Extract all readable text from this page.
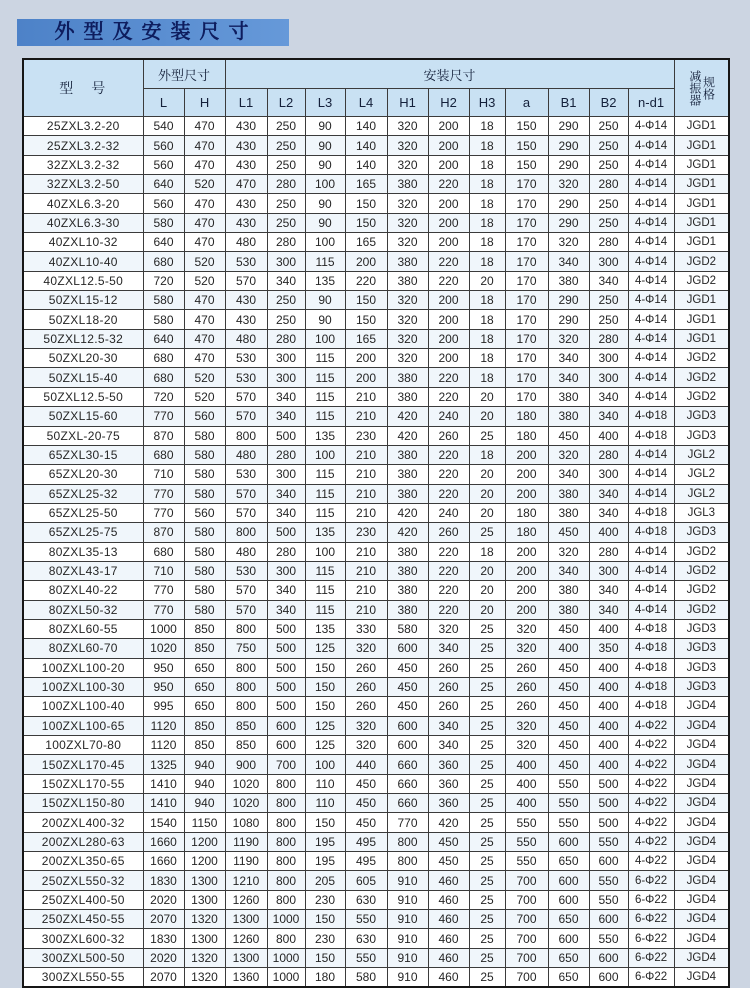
外型及安装尺寸
型　号	外型尺寸		安装尺寸											减振器 规格

	L	H	L1	L2	L3	L4	H1	H2	H3	a	B1	B2	n-d1	
25ZXL3.2-20	540	470	430	250	90	140	320	200	18	150	290	250	4-Φ14	JGD1
25ZXL3.2-32	560	470	430	250	90	140	320	200	18	150	290	250	4-Φ14	JGD1
32ZXL3.2-32	560	470	430	250	90	140	320	200	18	150	290	250	4-Φ14	JGD1
32ZXL3.2-50	640	520	470	280	100	165	380	220	18	170	320	280	4-Φ14	JGD1
40ZXL6.3-20	560	470	430	250	90	150	320	200	18	170	290	250	4-Φ14	JGD1
40ZXL6.3-30	580	470	430	250	90	150	320	200	18	170	290	250	4-Φ14	JGD1
40ZXL10-32	640	470	480	280	100	165	320	200	18	170	320	280	4-Φ14	JGD1
40ZXL10-40	680	520	530	300	115	200	380	220	18	170	340	300	4-Φ14	JGD2
40ZXL12.5-50	720	520	570	340	135	220	380	220	20	170	380	340	4-Φ14	JGD2
50ZXL15-12	580	470	430	250	90	150	320	200	18	170	290	250	4-Φ14	JGD1
50ZXL18-20	580	470	430	250	90	150	320	200	18	170	290	250	4-Φ14	JGD1
50ZXL12.5-32	640	470	480	280	100	165	320	200	18	170	320	280	4-Φ14	JGD1
50ZXL20-30	680	470	530	300	115	200	320	200	18	170	340	300	4-Φ14	JGD2
50ZXL15-40	680	520	530	300	115	200	380	220	18	170	340	300	4-Φ14	JGD2
50ZXL12.5-50	720	520	570	340	115	210	380	220	20	170	380	340	4-Φ14	JGD2
50ZXL15-60	770	560	570	340	115	210	420	240	20	180	380	340	4-Φ18	JGD3
50ZXL-20-75	870	580	800	500	135	230	420	260	25	180	450	400	4-Φ18	JGD3
65ZXL30-15	680	580	480	280	100	210	380	220	18	200	320	280	4-Φ14	JGL2
65ZXL20-30	710	580	530	300	115	210	380	220	20	200	340	300	4-Φ14	JGL2
65ZXL25-32	770	580	570	340	115	210	380	220	20	200	380	340	4-Φ14	JGL2
65ZXL25-50	770	560	570	340	115	210	420	240	20	180	380	340	4-Φ18	JGL3
65ZXL25-75	870	580	800	500	135	230	420	260	25	180	450	400	4-Φ18	JGD3
80ZXL35-13	680	580	480	280	100	210	380	220	18	200	320	280	4-Φ14	JGD2
80ZXL43-17	710	580	530	300	115	210	380	220	20	200	340	300	4-Φ14	JGD2
80ZXL40-22	770	580	570	340	115	210	380	220	20	200	380	340	4-Φ14	JGD2
80ZXL50-32	770	580	570	340	115	210	380	220	20	200	380	340	4-Φ14	JGD2
80ZXL60-55	1000	850	800	500	135	330	580	320	25	320	450	400	4-Φ18	JGD3
80ZXL60-70	1020	850	750	500	125	320	600	340	25	320	400	350	4-Φ18	JGD3
100ZXL100-20	950	650	800	500	150	260	450	260	25	260	450	400	4-Φ18	JGD3
100ZXL100-30	950	650	800	500	150	260	450	260	25	260	450	400	4-Φ18	JGD3
100ZXL100-40	995	650	800	500	150	260	450	260	25	260	450	400	4-Φ18	JGD4
100ZXL100-65	1120	850	850	600	125	320	600	340	25	320	450	400	4-Φ22	JGD4
100ZXL70-80	1120	850	850	600	125	320	600	340	25	320	450	400	4-Φ22	JGD4
150ZXL170-45	1325	940	900	700	100	440	660	360	25	400	450	400	4-Φ22	JGD4
150ZXL170-55	1410	940	1020	800	110	450	660	360	25	400	550	500	4-Φ22	JGD4
150ZXL150-80	1410	940	1020	800	110	450	660	360	25	400	550	500	4-Φ22	JGD4
200ZXL400-32	1540	1150	1080	800	150	450	770	420	25	550	550	500	4-Φ22	JGD4
200ZXL280-63	1660	1200	1190	800	195	495	800	450	25	550	600	550	4-Φ22	JGD4
200ZXL350-65	1660	1200	1190	800	195	495	800	450	25	550	650	600	4-Φ22	JGD4
250ZXL550-32	1830	1300	1210	800	205	605	910	460	25	700	600	550	6-Φ22	JGD4
250ZXL400-50	2020	1300	1260	800	230	630	910	460	25	700	600	550	6-Φ22	JGD4
250ZXL450-55	2070	1320	1300	1000	150	550	910	460	25	700	650	600	6-Φ22	JGD4
300ZXL600-32	1830	1300	1260	800	230	630	910	460	25	700	600	550	6-Φ22	JGD4
300ZXL500-50	2020	1320	1300	1000	150	550	910	460	25	700	650	600	6-Φ22	JGD4
300ZXL550-55	2070	1320	1360	1000	180	580	910	460	25	700	650	600	6-Φ22	JGD4
